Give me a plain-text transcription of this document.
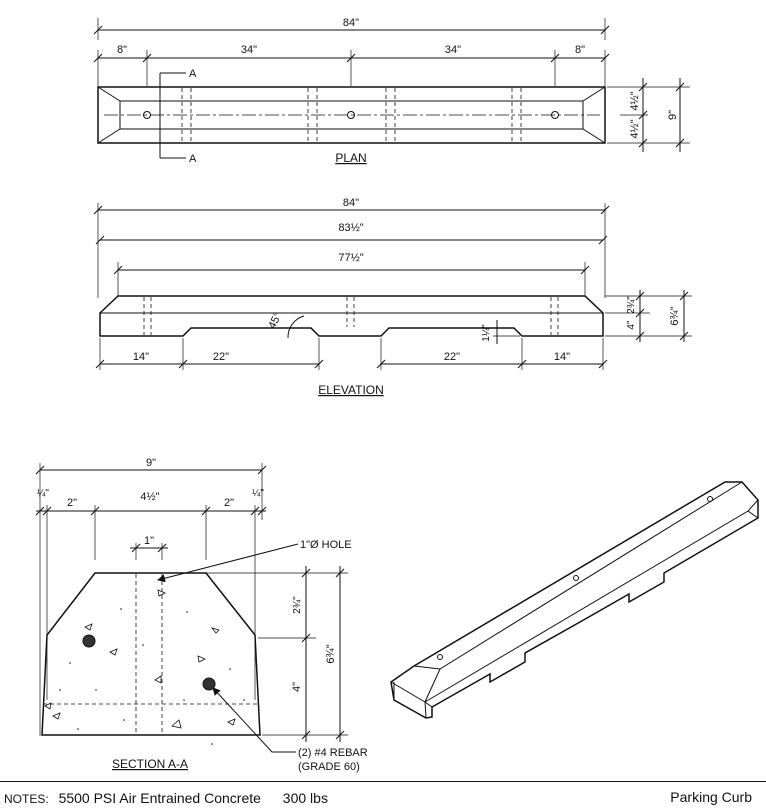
84"
8"	34"	34"	8"
A
A
4½"
4½"
9"
PLAN
84"
83½"
77½"
45°
1¼"
14"	22"	22"	14"
2¾"
4"	6¾"
ELEVATION
9"
¼"
2"	4½"	2"
¼"
1"
2¾"
4"
6¾"
1"Ø HOLE
(2) #4 REBAR
(GRADE 60)
SECTION A-A
NOTES: 5500 PSI Air Entrained Concrete 300 lbs	Parking Curb
